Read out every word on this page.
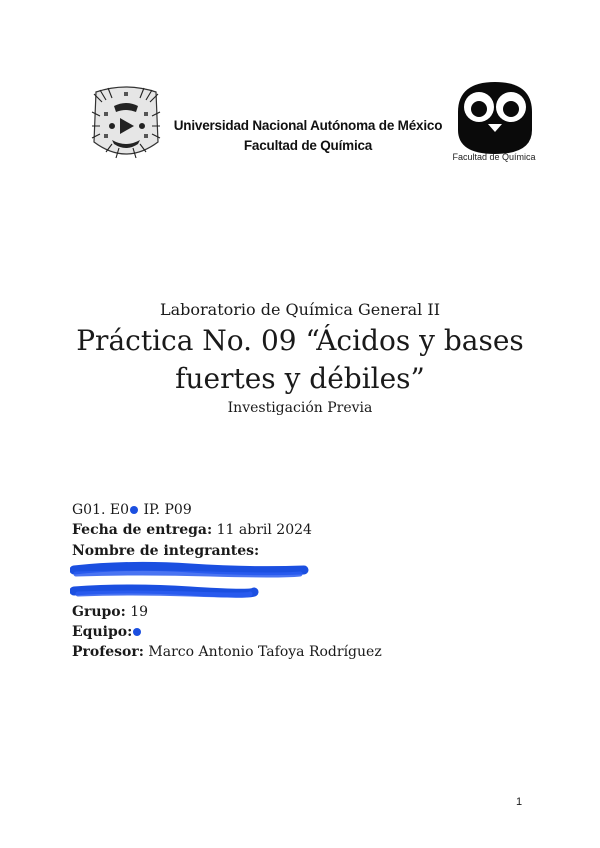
Universidad Nacional Autónoma de México
Facultad de Química
Facultad de Química
Laboratorio de Química General II
Práctica No. 09 “Ácidos y bases
fuertes y débiles”
Investigación Previa
G01. E0 IP. P09
Fecha de entrega: 11 abril 2024
Nombre de integrantes:
Grupo: 19
Equipo:
Profesor: Marco Antonio Tafoya Rodríguez
1
